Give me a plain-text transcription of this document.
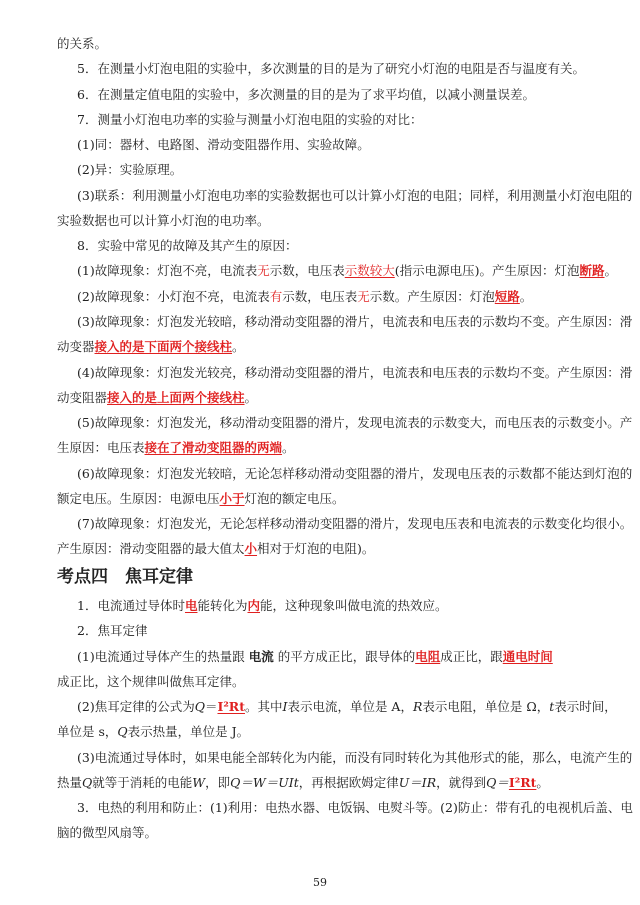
的关系。
5．在测量小灯泡电阻的实验中，多次测量的目的是为了研究小灯泡的电阻是否与温度有关。
6．在测量定值电阻的实验中，多次测量的目的是为了求平均值，以减小测量误差。
7．测量小灯泡电功率的实验与测量小灯泡电阻的实验的对比：
(1)同：器材、电路图、滑动变阻器作用、实验故障。
(2)异：实验原理。
(3)联系：利用测量小灯泡电功率的实验数据也可以计算小灯泡的电阻；同样，利用测量小灯泡电阻的
实验数据也可以计算小灯泡的电功率。
8．实验中常见的故障及其产生的原因：
(1)故障现象：灯泡不亮，电流表无示数，电压表示数较大(指示电源电压)。产生原因：灯泡断路。
(2)故障现象：小灯泡不亮，电流表有示数，电压表无示数。产生原因：灯泡短路。
(3)故障现象：灯泡发光较暗，移动滑动变阻器的滑片，电流表和电压表的示数均不变。产生原因：滑
动变器接入的是下面两个接线柱。
(4)故障现象：灯泡发光较亮，移动滑动变阻器的滑片，电流表和电压表的示数均不变。产生原因：滑
动变阻器接入的是上面两个接线柱。
(5)故障现象：灯泡发光，移动滑动变阻器的滑片，发现电流表的示数变大，而电压表的示数变小。产
生原因：电压表接在了滑动变阻器的两端。
(6)故障现象：灯泡发光较暗，无论怎样移动滑动变阻器的滑片，发现电压表的示数都不能达到灯泡的
额定电压。生原因：电源电压小于灯泡的额定电压。
(7)故障现象：灯泡发光，无论怎样移动滑动变阻器的滑片，发现电压表和电流表的示数变化均很小。
产生原因：滑动变阻器的最大值太小相对于灯泡的电阻)。
考点四　焦耳定律
1．电流通过导体时电能转化为内能，这种现象叫做电流的热效应。
2．焦耳定律
(1)电流通过导体产生的热量跟 电流 的平方成正比，跟导体的电阻成正比，跟通电时间
成正比，这个规律叫做焦耳定律。
(2)焦耳定律的公式为Q＝I²Rt。其中I表示电流，单位是 A，R表示电阻，单位是 Ω，t表示时间，
单位是 s，Q表示热量，单位是 J。
(3)电流通过导体时，如果电能全部转化为内能，而没有同时转化为其他形式的能，那么，电流产生的
热量Q就等于消耗的电能W，即Q＝W＝UIt，再根据欧姆定律U＝IR，就得到Q＝I²Rt。
3．电热的利用和防止：(1)利用：电热水器、电饭锅、电熨斗等。(2)防止：带有孔的电视机后盖、电
脑的微型风扇等。
59
